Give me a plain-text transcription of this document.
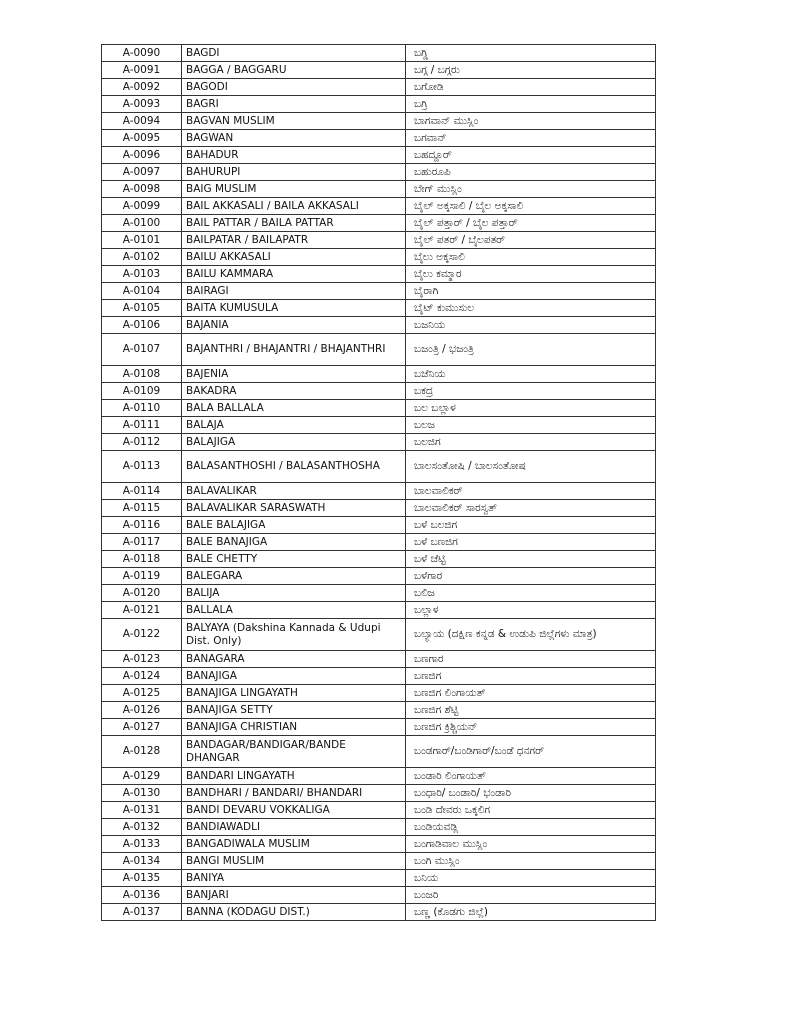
A-0090	BAGDI	ಬಗ್ಡಿ
A-0091	BAGGA / BAGGARU	ಬಗ್ಗ / ಬಗ್ಗರು
A-0092	BAGODI	ಬಗೋಡಿ
A-0093	BAGRI	ಬಗ್ರಿ
A-0094	BAGVAN MUSLIM	ಬಾಗವಾನ್ ಮುಸ್ಲಿಂ
A-0095	BAGWAN	ಬಗವಾನ್
A-0096	BAHADUR	ಬಹದ್ದೂರ್
A-0097	BAHURUPI	ಬಹುರೂಪಿ
A-0098	BAIG MUSLIM	ಬೇಗ್ ಮುಸ್ಲಿಂ
A-0099	BAIL AKKASALI / BAILA AKKASALI	ಬೈಲ್ ಅಕ್ಕಸಾಲಿ / ಬೈಲ ಅಕ್ಕಸಾಲಿ
A-0100	BAIL PATTAR / BAILA PATTAR	ಬೈಲ್ ಪತ್ತಾರ್ / ಬೈಲ ಪತ್ತಾರ್
A-0101	BAILPATAR / BAILAPATR	ಬೈಲ್ ಪತರ್ / ಬೈಲಪತರ್
A-0102	BAILU AKKASALI	ಬೈಲು ಅಕ್ಕಸಾಲಿ
A-0103	BAILU KAMMARA	ಬೈಲು ಕಮ್ಮಾರ
A-0104	BAIRAGI	ಬೈರಾಗಿ
A-0105	BAITA KUMUSULA	ಬೈಟ್ ಕುಮುಸುಲ
A-0106	BAJANIA	ಬಜನಿಯ
A-0107	BAJANTHRI / BHAJANTRI / BHAJANTHRI	ಬಜಂತ್ರಿ / ಭಜಂತ್ರಿ
A-0108	BAJENIA	ಬಜೆನಿಯ
A-0109	BAKADRA	ಬಕದ್ರ
A-0110	BALA BALLALA	ಬಲ ಬಲ್ಲಾಳ
A-0111	BALAJA	ಬಲಜ
A-0112	BALAJIGA	ಬಲಜಿಗ
A-0113	BALASANTHOSHI / BALASANTHOSHA	ಬಾಲಸಂತೋಷಿ / ಬಾಲಸಂತೋಷ
A-0114	BALAVALIKAR	ಬಾಲವಾಲಿಕರ್
A-0115	BALAVALIKAR SARASWATH	ಬಾಲವಾಲಿಕರ್ ಸಾರಸ್ವತ್
A-0116	BALE BALAJIGA	ಬಳೆ ಬಲಜಿಗ
A-0117	BALE BANAJIGA	ಬಳೆ ಬಣಜಿಗ
A-0118	BALE CHETTY	ಬಳೆ ಚೆಟ್ಟಿ
A-0119	BALEGARA	ಬಳೆಗಾರ
A-0120	BALIJA	ಬಲಿಜ
A-0121	BALLALA	ಬಲ್ಲಾಳ
A-0122	BALYAYA (Dakshina Kannada & Udupi Dist. Only)	ಬಲ್ಯಾಯ (ದಕ್ಷಿಣ ಕನ್ನಡ & ಉಡುಪಿ ಜಿಲ್ಲೆಗಳು ಮಾತ್ರ)
A-0123	BANAGARA	ಬಣಗಾರ
A-0124	BANAJIGA	ಬಣಜಿಗ
A-0125	BANAJIGA LINGAYATH	ಬಣಜಿಗ ಲಿಂಗಾಯತ್
A-0126	BANAJIGA SETTY	ಬಣಜಿಗ ಶೆಟ್ಟಿ
A-0127	BANAJIGA CHRISTIAN	ಬಣಜಿಗ ಕ್ರಿಶ್ಚಿಯನ್
A-0128	BANDAGAR/BANDIGAR/BANDE DHANGAR	ಬಂಡಗಾರ್/ಬಂಡಿಗಾರ್/ಬಂಡೆ ಧನಗರ್
A-0129	BANDARI LINGAYATH	ಬಂಡಾರಿ ಲಿಂಗಾಯತ್
A-0130	BANDHARI / BANDARI/ BHANDARI	ಬಂಧಾರಿ/ ಬಂಡಾರಿ/ ಭಂಡಾರಿ
A-0131	BANDI DEVARU VOKKALIGA	ಬಂಡಿ ದೇವರು ಒಕ್ಕಲಿಗ
A-0132	BANDIAWADLI	ಬಂಡಿಯವಡ್ಲಿ
A-0133	BANGADIWALA MUSLIM	ಬಂಗಾಡಿವಾಲ ಮುಸ್ಲಿಂ
A-0134	BANGI MUSLIM	ಬಂಗಿ ಮುಸ್ಲಿಂ
A-0135	BANIYA	ಬನಿಯ
A-0136	BANJARI	ಬಂಜರಿ
A-0137	BANNA (KODAGU DIST.)	ಬಣ್ಣ (ಕೊಡಗು ಜಿಲ್ಲೆ)
